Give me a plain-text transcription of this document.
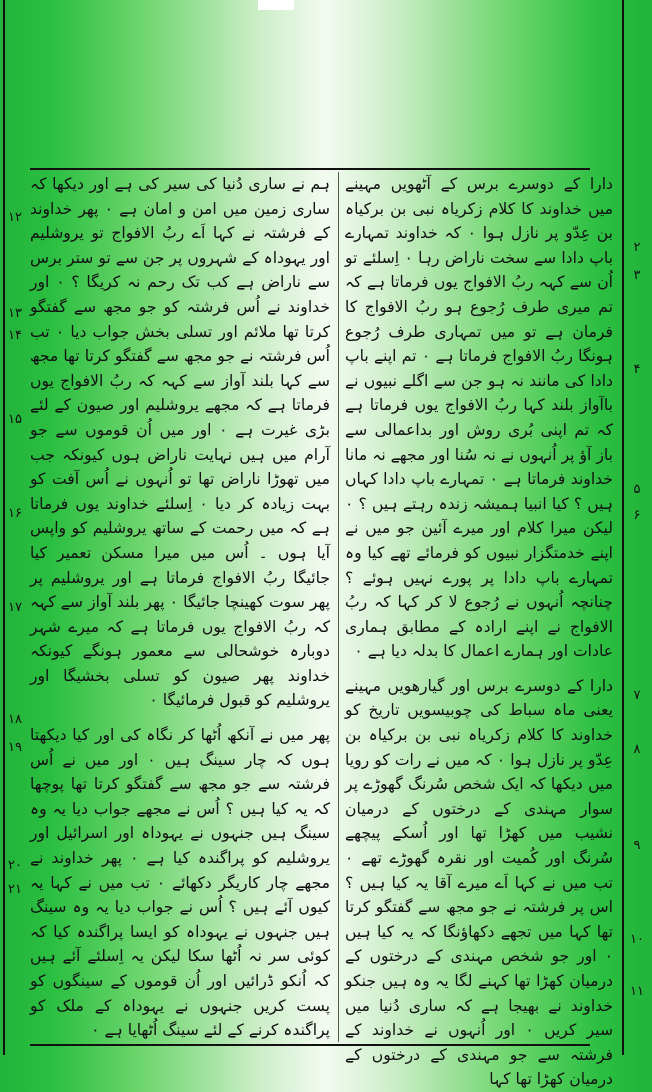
دارا کے دوسرے برس کے آٹھویں مہینے میں خداوند کا کلام زکریاہ نبی بن برکیاہ بن عِدّو پر نازل ہوا ۰ کہ خداوند تمہارے باپ دادا سے سخت ناراض رہا ۰ اِسلئے تو اُن سے کہہ ربُ الافواج یوں فرماتا ہے کہ تم میری طرف رُجوع ہو ربُ الافواج کا فرمان ہے تو میں تمہاری طرف رُجوع ہونگا ربُ الافواج فرماتا ہے ۰ تم اپنے باپ دادا کی مانند نہ ہو جن سے اگلے نبیوں نے باآواز بلند کہا ربُ الافواج یوں فرماتا ہے کہ تم اپنی بُری روش اور بداعمالی سے باز آؤ پر اُنہوں نے نہ سُنا اور مجھے نہ مانا خداوند فرماتا ہے ۰ تمہارے باپ دادا کہاں ہیں ؟ کیا انبیا ہمیشہ زندہ رہتے ہیں ؟ ۰ لیکن میرا کلام اور میرے آئین جو میں نے اپنے خدمتگزار نبیوں کو فرمائے تھے کیا وہ تمہارے باپ دادا پر پورے نہیں ہوئے ؟ چنانچہ اُنہوں نے رُجوع لا کر کہا کہ ربُ الافواج نے اپنے ارادہ کے مطابق ہماری عادات اور ہمارے اعمال کا بدلہ دیا ہے ۰

دارا کے دوسرے برس اور گیارھویں مہینے یعنی ماہ سباط کی چوبیسویں تاریخ کو خداوند کا کلام زکریاہ نبی بن برکیاہ بن عِدّو پر نازل ہوا ۰ کہ میں نے رات کو رویا میں دیکھا کہ ایک شخص سُرنگ گھوڑے پر سوار مہندی کے درختوں کے درمیان نشیب میں کھڑا تھا اور اُسکے پیچھے سُرنگ اور کُمیت اور نقرہ گھوڑے تھے ۰ تب میں نے کہا اَے میرے آقا یہ کیا ہیں ؟ اس پر فرشتہ نے جو مجھ سے گفتگو کرتا تھا کہا میں تجھے دکھاؤنگا کہ یہ کیا ہیں ۰ اور جو شخص مہندی کے درختوں کے درمیان کھڑا تھا کہنے لگا یہ وہ ہیں جنکو خداوند نے بھیجا ہے کہ ساری دُنیا میں سیر کریں ۰ اور اُنہوں نے خداوند کے فرشتہ سے جو مہندی کے درختوں کے درمیان کھڑا تھا کہا

ہم نے ساری دُنیا کی سیر کی ہے اور دیکھا کہ ساری زمین میں امن و امان ہے ۰ پھر خداوند کے فرشتہ نے کہا اَے ربُ الافواج تو یروشلیم اور یہوداہ کے شہروں پر جن سے تو ستر برس سے ناراض ہے کب تک رحم نہ کریگا ؟ ۰ اور خداوند نے اُس فرشتہ کو جو مجھ سے گفتگو کرتا تھا ملائم اور تسلی بخش جواب دیا ۰ تب اُس فرشتہ نے جو مجھ سے گفتگو کرتا تھا مجھ سے کہا بلند آواز سے کہہ کہ ربُ الافواج یوں فرماتا ہے کہ مجھے یروشلیم اور صیون کے لئے بڑی غیرت ہے ۰ اور میں اُن قوموں سے جو آرام میں ہیں نہایت ناراض ہوں کیونکہ جب میں تھوڑا ناراض تھا تو اُنہوں نے اُس آفت کو بہت زیادہ کر دیا ۰ اِسلئے خداوند یوں فرماتا ہے کہ میں رحمت کے ساتھ یروشلیم کو واپس آیا ہوں ۔ اُس میں میرا مسکن تعمیر کیا جائیگا ربُ الافواج فرماتا ہے اور یروشلیم پر پھر سوت کھینچا جائیگا ۰ پھر بلند آواز سے کہہ کہ ربُ الافواج یوں فرماتا ہے کہ میرے شہر دوبارہ خوشحالی سے معمور ہونگے کیونکہ خداوند پھر صیون کو تسلی بخشیگا اور یروشلیم کو قبول فرمائیگا ۰

پھر میں نے آنکھ اُٹھا کر نگاہ کی اور کیا دیکھتا ہوں کہ چار سینگ ہیں ۰ اور میں نے اُس فرشتہ سے جو مجھ سے گفتگو کرتا تھا پوچھا کہ یہ کیا ہیں ؟ اُس نے مجھے جواب دیا یہ وہ سینگ ہیں جنہوں نے یہوداہ اور اسرائیل اور یروشلیم کو پراگندہ کیا ہے ۰ پھر خداوند نے مجھے چار کاریگر دکھائے ۰ تب میں نے کہا یہ کیوں آئے ہیں ؟ اُس نے جواب دیا یہ وہ سینگ ہیں جنہوں نے یہوداہ کو ایسا پراگندہ کیا کہ کوئی سر نہ اُٹھا سکا لیکن یہ اِسلئے آئے ہیں کہ اُنکو ڈرائیں اور اُن قوموں کے سینگوں کو پست کریں جنہوں نے یہوداہ کے ملک کو پراگندہ کرنے کے لئے سینگ اُٹھایا ہے ۰

۲
۳
۴
۵
۶
۷
۸
۹
۱۰
۱۱
۱۲
۱۳
۱۴
۱۵
۱۶
۱۷
۱۸
۱۹
۲۰
۲۱
